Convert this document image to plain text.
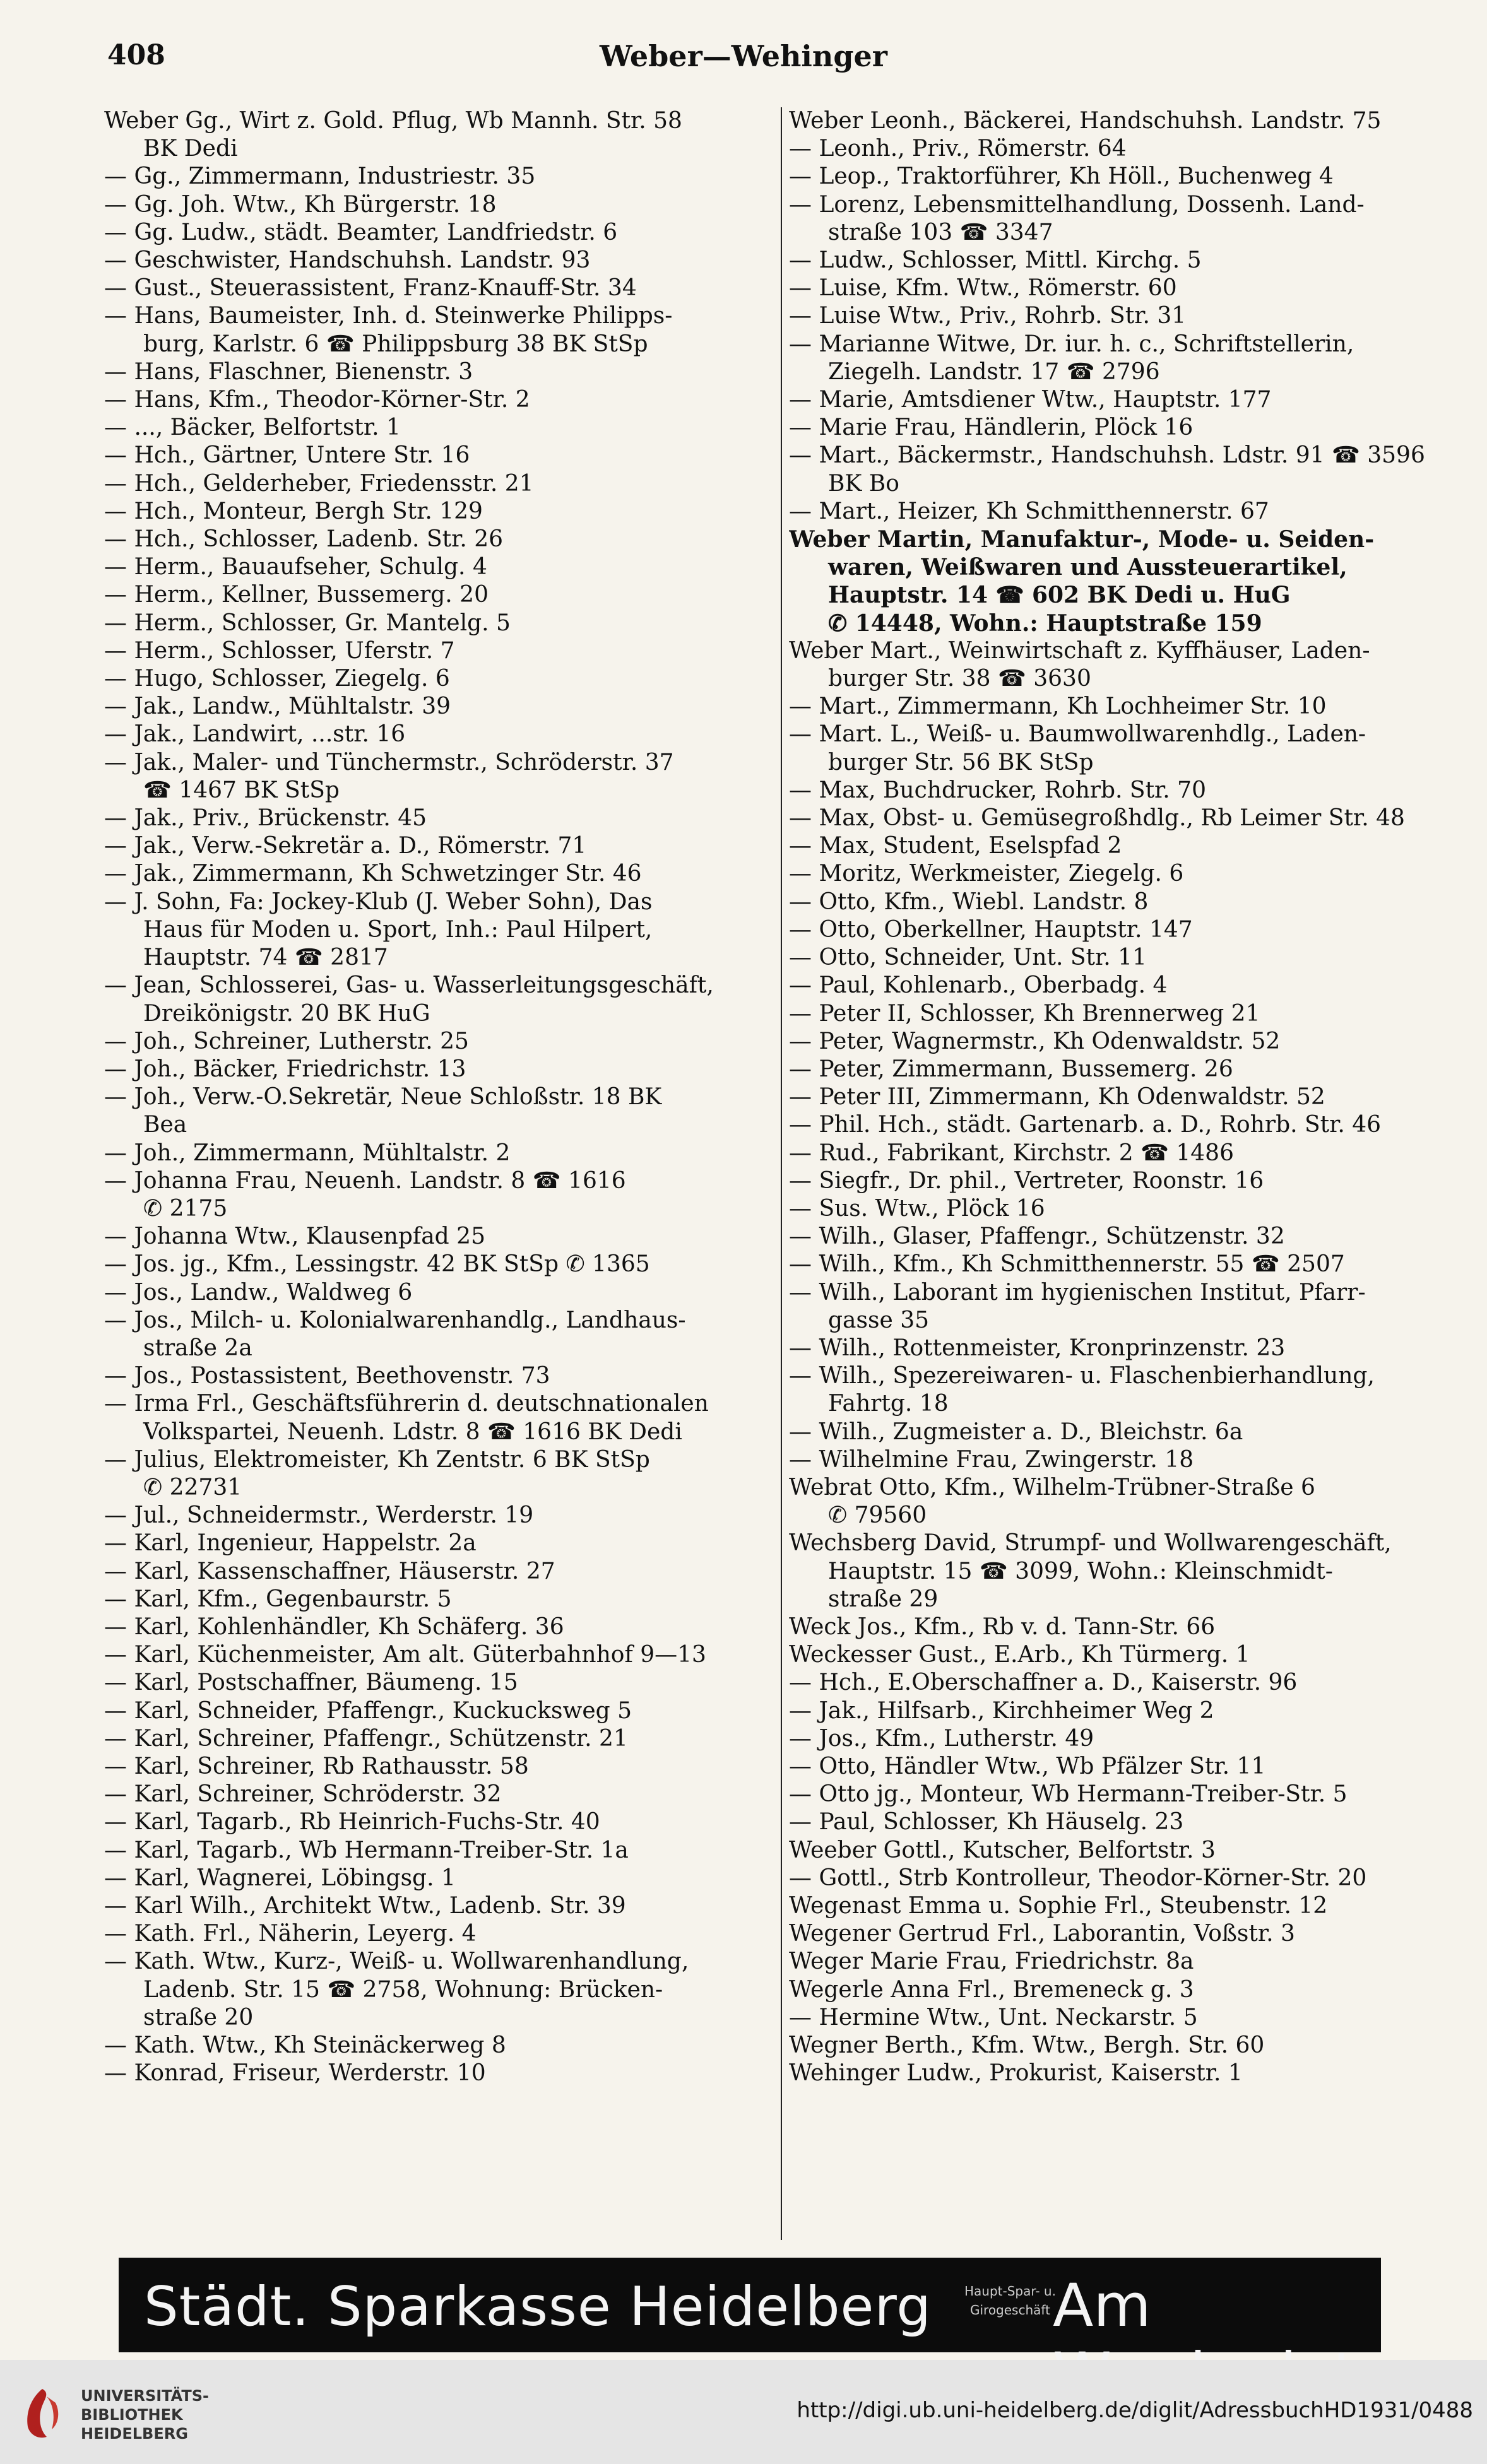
408	Weber—Wehinger
Weber Gg., Wirt z. Gold. Pflug, Wb Mannh. Str. 58
BK Dedi
— Gg., Zimmermann, Industriestr. 35
— Gg. Joh. Wtw., Kh Bürgerstr. 18
— Gg. Ludw., städt. Beamter, Landfriedstr. 6
— Geschwister, Handschuhsh. Landstr. 93
— Gust., Steuerassistent, Franz-Knauff-Str. 34
— Hans, Baumeister, Inh. d. Steinwerke Philipps-
burg, Karlstr. 6 ☎ Philippsburg 38 BK StSp
— Hans, Flaschner, Bienenstr. 3
— Hans, Kfm., Theodor-Körner-Str. 2
— ..., Bäcker, Belfortstr. 1
— Hch., Gärtner, Untere Str. 16
— Hch., Gelderheber, Friedensstr. 21
— Hch., Monteur, Bergh Str. 129
— Hch., Schlosser, Ladenb. Str. 26
— Herm., Bauaufseher, Schulg. 4
— Herm., Kellner, Bussemerg. 20
— Herm., Schlosser, Gr. Mantelg. 5
— Herm., Schlosser, Uferstr. 7
— Hugo, Schlosser, Ziegelg. 6
— Jak., Landw., Mühltalstr. 39
— Jak., Landwirt, ...str. 16
— Jak., Maler- und Tünchermstr., Schröderstr. 37
☎ 1467 BK StSp
— Jak., Priv., Brückenstr. 45
— Jak., Verw.-Sekretär a. D., Römerstr. 71
— Jak., Zimmermann, Kh Schwetzinger Str. 46
— J. Sohn, Fa: Jockey-Klub (J. Weber Sohn), Das
Haus für Moden u. Sport, Inh.: Paul Hilpert,
Hauptstr. 74 ☎ 2817
— Jean, Schlosserei, Gas- u. Wasserleitungsgeschäft,
Dreikönigstr. 20 BK HuG
— Joh., Schreiner, Lutherstr. 25
— Joh., Bäcker, Friedrichstr. 13
— Joh., Verw.-O.Sekretär, Neue Schloßstr. 18 BK
Bea
— Joh., Zimmermann, Mühltalstr. 2
— Johanna Frau, Neuenh. Landstr. 8 ☎ 1616
✆ 2175
— Johanna Wtw., Klausenpfad 25
— Jos. jg., Kfm., Lessingstr. 42 BK StSp ✆ 1365
— Jos., Landw., Waldweg 6
— Jos., Milch- u. Kolonialwarenhandlg., Landhaus-
straße 2a
— Jos., Postassistent, Beethovenstr. 73
— Irma Frl., Geschäftsführerin d. deutschnationalen
Volkspartei, Neuenh. Ldstr. 8 ☎ 1616 BK Dedi
— Julius, Elektromeister, Kh Zentstr. 6 BK StSp
✆ 22731
— Jul., Schneidermstr., Werderstr. 19
— Karl, Ingenieur, Happelstr. 2a
— Karl, Kassenschaffner, Häuserstr. 27
— Karl, Kfm., Gegenbaurstr. 5
— Karl, Kohlenhändler, Kh Schäferg. 36
— Karl, Küchenmeister, Am alt. Güterbahnhof 9—13
— Karl, Postschaffner, Bäumeng. 15
— Karl, Schneider, Pfaffengr., Kuckucksweg 5
— Karl, Schreiner, Pfaffengr., Schützenstr. 21
— Karl, Schreiner, Rb Rathausstr. 58
— Karl, Schreiner, Schröderstr. 32
— Karl, Tagarb., Rb Heinrich-Fuchs-Str. 40
— Karl, Tagarb., Wb Hermann-Treiber-Str. 1a
— Karl, Wagnerei, Löbingsg. 1
— Karl Wilh., Architekt Wtw., Ladenb. Str. 39
— Kath. Frl., Näherin, Leyerg. 4
— Kath. Wtw., Kurz-, Weiß- u. Wollwarenhandlung,
Ladenb. Str. 15 ☎ 2758, Wohnung: Brücken-
straße 20
— Kath. Wtw., Kh Steinäckerweg 8
— Konrad, Friseur, Werderstr. 10
Weber Leonh., Bäckerei, Handschuhsh. Landstr. 75
— Leonh., Priv., Römerstr. 64
— Leop., Traktorführer, Kh Höll., Buchenweg 4
— Lorenz, Lebensmittelhandlung, Dossenh. Land-
straße 103 ☎ 3347
— Ludw., Schlosser, Mittl. Kirchg. 5
— Luise, Kfm. Wtw., Römerstr. 60
— Luise Wtw., Priv., Rohrb. Str. 31
— Marianne Witwe, Dr. iur. h. c., Schriftstellerin,
Ziegelh. Landstr. 17 ☎ 2796
— Marie, Amtsdiener Wtw., Hauptstr. 177
— Marie Frau, Händlerin, Plöck 16
— Mart., Bäckermstr., Handschuhsh. Ldstr. 91 ☎ 3596
BK Bo
— Mart., Heizer, Kh Schmitthennerstr. 67
Weber Martin, Manufaktur-, Mode- u. Seiden-
waren, Weißwaren und Aussteuerartikel,
Hauptstr. 14 ☎ 602 BK Dedi u. HuG
✆ 14448, Wohn.: Hauptstraße 159
Weber Mart., Weinwirtschaft z. Kyffhäuser, Laden-
burger Str. 38 ☎ 3630
— Mart., Zimmermann, Kh Lochheimer Str. 10
— Mart. L., Weiß- u. Baumwollwarenhdlg., Laden-
burger Str. 56 BK StSp
— Max, Buchdrucker, Rohrb. Str. 70
— Max, Obst- u. Gemüsegroßhdlg., Rb Leimer Str. 48
— Max, Student, Eselspfad 2
— Moritz, Werkmeister, Ziegelg. 6
— Otto, Kfm., Wiebl. Landstr. 8
— Otto, Oberkellner, Hauptstr. 147
— Otto, Schneider, Unt. Str. 11
— Paul, Kohlenarb., Oberbadg. 4
— Peter II, Schlosser, Kh Brennerweg 21
— Peter, Wagnermstr., Kh Odenwaldstr. 52
— Peter, Zimmermann, Bussemerg. 26
— Peter III, Zimmermann, Kh Odenwaldstr. 52
— Phil. Hch., städt. Gartenarb. a. D., Rohrb. Str. 46
— Rud., Fabrikant, Kirchstr. 2 ☎ 1486
— Siegfr., Dr. phil., Vertreter, Roonstr. 16
— Sus. Wtw., Plöck 16
— Wilh., Glaser, Pfaffengr., Schützenstr. 32
— Wilh., Kfm., Kh Schmitthennerstr. 55 ☎ 2507
— Wilh., Laborant im hygienischen Institut, Pfarr-
gasse 35
— Wilh., Rottenmeister, Kronprinzenstr. 23
— Wilh., Spezereiwaren- u. Flaschenbierhandlung,
Fahrtg. 18
— Wilh., Zugmeister a. D., Bleichstr. 6a
— Wilhelmine Frau, Zwingerstr. 18
Webrat Otto, Kfm., Wilhelm-Trübner-Straße 6
✆ 79560
Wechsberg David, Strumpf- und Wollwarengeschäft,
Hauptstr. 15 ☎ 3099, Wohn.: Kleinschmidt-
straße 29
Weck Jos., Kfm., Rb v. d. Tann-Str. 66
Weckesser Gust., E.Arb., Kh Türmerg. 1
— Hch., E.Oberschaffner a. D., Kaiserstr. 96
— Jak., Hilfsarb., Kirchheimer Weg 2
— Jos., Kfm., Lutherstr. 49
— Otto, Händler Wtw., Wb Pfälzer Str. 11
— Otto jg., Monteur, Wb Hermann-Treiber-Str. 5
— Paul, Schlosser, Kh Häuselg. 23
Weeber Gottl., Kutscher, Belfortstr. 3
— Gottl., Strb Kontrolleur, Theodor-Körner-Str. 20
Wegenast Emma u. Sophie Frl., Steubenstr. 12
Wegener Gertrud Frl., Laborantin, Voßstr. 3
Weger Marie Frau, Friedrichstr. 8a
Wegerle Anna Frl., Bremeneck g. 3
— Hermine Wtw., Unt. Neckarstr. 5
Wegner Berth., Kfm. Wtw., Bergh. Str. 60
Wehinger Ludw., Prokurist, Kaiserstr. 1
Städt. Sparkasse Heidelberg	Haupt-Spar- u.
Girogeschäft Am
UNIVERSITÄTS-
BIBLIOTHEK
HEIDELBERG
http://digi.ub.uni-heidelberg.de/diglit/AdressbuchHD1931/0488
